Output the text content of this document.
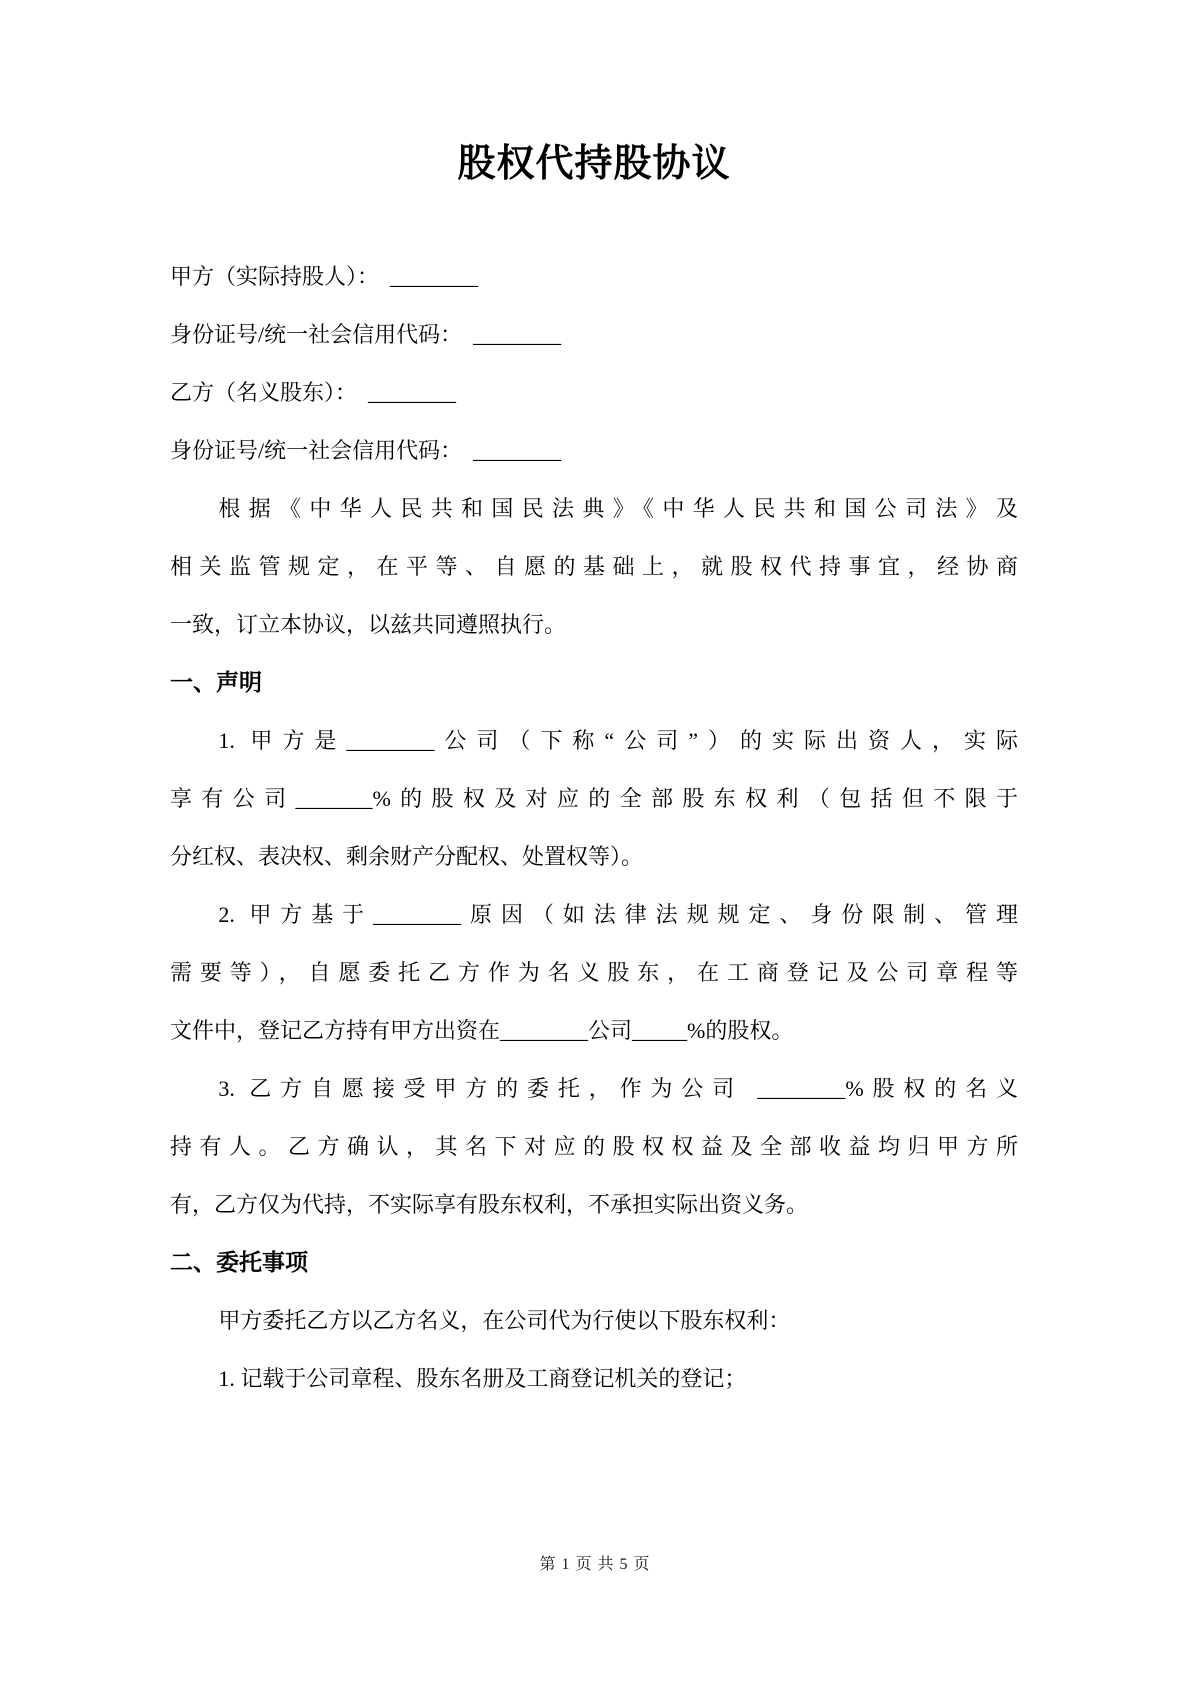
股权代持股协议
甲方（实际持股人）：  ________
身份证号/统一社会信用代码：  ________
乙方（名义股东）：  ________
身份证号/统一社会信用代码：  ________
根据《中华人民共和国民法典》《中华人民共和国公司法》及
相关监管规定，在平等、自愿的基础上，就股权代持事宜，经协商
一致，订立本协议，以兹共同遵照执行。
一、声明
1. 甲方是________公司（下称“公司”）的实际出资人，实际
享有公司_______%的股权及对应的全部股东权利（包括但不限于
分红权、表决权、剩余财产分配权、处置权等）。
2. 甲方基于________原因（如法律法规规定、身份限制、管理
需要等），自愿委托乙方作为名义股东，在工商登记及公司章程等
文件中，登记乙方持有甲方出资在________公司_____%的股权。
3. 乙方自愿接受甲方的委托，作为公司 ________%股权的名义
持有人。乙方确认，其名下对应的股权权益及全部收益均归甲方所
有，乙方仅为代持，不实际享有股东权利，不承担实际出资义务。
二、委托事项
甲方委托乙方以乙方名义，在公司代为行使以下股东权利：
1. 记载于公司章程、股东名册及工商登记机关的登记；
第 1 页 共 5 页
